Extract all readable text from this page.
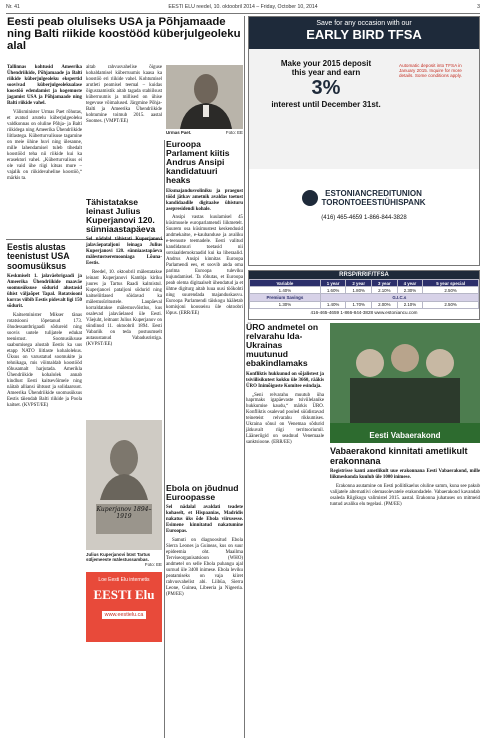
Nr. 41	EESTI ELU reedel, 10. oktoobril 2014 – Friday, October 10, 2014	3
Eesti peab oluliseks USA ja Põhjamaade ning Balti riikide koostööd küberjulgeoleku alal
Tallinnas kohtusid Ameerika Ühendriikide, Põhjamaade ja Balti riikide küberjulgeoleku ekspertid soovivad küberjulgeolekualase koostöö edendamist ja kogemuste jagamist USA ja Põhjamaade ning Balti riikide vahel.
Välisminister Urmas Paet rõhutas, et avatud arutelu küberjulgeoleku valdkonnas on oluline Põhja- ja Balti riikidega ning Ameerika Ühendriikide liitlastega. Küberturvalisuse tagamine on meie ühine huvi ning ülesanne, mille lahendamisel tuleb tihedalt koostööd teha nii riikide kui ka erasektori vahel. „Küberturvalisus ei ole vaid ühe riigi kitsas mure – vajalik on riikidevaheline koostöö,“ märkis ta.
aitab rahvusvahelise õiguse kohaldamisel küberruumis kaasa ka koostöö eri riikide vahel. Kohtumisel arutleti peamisel teemal – kuidas õigusraamistik aitab tagada stabiilsust küberruumis ja millised on ühise tegevuse võimalused. Järgmine Põhja-Balti ja Ameerika Ühendriikide kohtumine toimub 2015. aastal Soomes. (VMPT/EE)
Urmas Paet.	Foto: EE
Euroopa Parlament kiitis Andrus Ansipi kandidatuuri heaks
Eksmajandusvoliniku ja praegust tööd jätkav ametnik avaldas toetust kandidaadile digitaalse ühisturu asepresidendi kohale.
Ansipi vastas kuulamisel 45 küsimusele europarlamendi liikmetelt. Suurem osa küsimustest keskendusid andmekaitse, e-kaubanduse ja avaliku e-teenuste teemadele. Eesti valitud kandidatuuri toetasid nii sotsiaaldemokraadid kui ka liberaalid. Andrus Ansipi kinnitas Euroopa Parlamendi ees, et soovib anda oma parima Euroopa tuleviku kujundamisel. Ta rõhutas, et Euroopa peab olema digitaalselt ühendatud ja et ühtne digiturg aitab luua uusi töökohti ning suurendada majanduskasvu. Euroopa Parlamendi täiskogu hääletab komisjoni koosseisu üle oktoobri lõpus. (ERR/EE)
Eestis alustas teenistust USA soomusüksus
Keskmiselt 1. jalaväebrigaadi ja Ameerika Ühendriikide maaväe soomusüksuse sõdurid alustasid ühist väljaõpet Tapal. Rotatsiooni korras viibib Eestis pidevalt ligi 150 sõdurit.
Kaitseminister Mikser tänas rotatsiooni lõpetanud 173. õhudessantbrigaadi sõdureid ning soovis uutele tulijatele edukat teenistust. Soomusüksuse saabumisega alustab Eestis ka uus etapp NATO liitlaste kohalolekus. Üksus on varustatud soomukite ja tehnikaga, mis võimaldab koostööd tõhusamalt harjutada. Amerikla Ühendriikide kohalolek annab kindlust Eesti kaitsevõimele ning näitab alliansi ühtsust ja solidaarsust. Ameerika Ühendriikide soomusüksus Eestis täiendab Balti riikide ja Poola kaitset. (KVPST/EE)
Tähistatakse leinast Julius Kuperjanovi 120. sünniaastapäeva
Sel nädalal tähistati Kuperjanovi jalaväepataljoni leinaga Julius Kuperjanovi 120. sünniaastapäeva mälestustseremooniaga Lõuna-Eestis.
Reedel, 10. oktoobril mälestatakse leinast Kuperjanovi Kambja kiriku juures ja Tartus Raadi kalmistul. Kuperjanovi pataljoni sõdurid ning kaitseliitlased sõidavad ka mälestusüritustele. Laupäeval korraldatakse mälestusvõistlus, kus osalevad jalaväelased üle Eesti. Väejuht, leitnant Julius Kuperjanov on sündinud 11. oktoobril 1894. Eesti Vabariik on teda postuumselt autasustanud Vabadusristiga. (KVPST/EE)
Kuperjanov 1894–1919
Julius Kuperjanovi büst Tartus süljemeeste mälestussambas.
Foto: EE
Loe Eesti Elu internetis
EESTI Elu
www.eestielu.ca
ÜRO andmetel on relvarahu Ida-Ukrainas muutunud ebakindlamaks
Konfliktis hukkunud on sõjalistest ja tsiviilisikutest kokku üle 3660, rääkis ÜRO Inimõiguste Komitee esindaja.
„Seni relvarahu muutub üha haprmaks igapäevaste tsiviilelanike hukkumise kaudu,“ märkis ÜRO. Konfliktis osalevad pooled süüdistavad teineteist relvarahu rikkumises. Ukraina sõnul on Venemaa sõdurid jätkuvalt riigi territooriumil. Lääneriigid on seadnud Venemaale sanktsioone. (ERR/EE)
Ebola on jõudnud Euroopasse
Sel nädalal avaldati teadete kohaselt, et Hispaanias, Madridis nakatus üks õde Ebola viirusesse. Esimene kinnitatud nakatumine Euroopas.
Samuti on diagnoositud Ebola Sierra Leones ja Guineas, kus on suur epideemia oht. Maailma Terviseorganisatsioon (WHO) andmetel on selle Ebola puhangu ajal surnud üle 3400 inimese. Ebola leviku peatamiseks on vaja kiiret rahvusvahelist abi. Liibüa, Sierra Leone, Guinea, Libeeria ja Nigeeria. (PM/EE)
Save for any occasion with our
EARLY BIRD TFSA
Make your 2015 deposit
this year and earn
3%
interest until December 31st.
Automatic deposit into TFSA in January 2015. Inquire for more details. Some conditions apply.
ESTONIANCREDITUNION
TORONTOEESTIÜHISPANK
(416) 465-4659 1-866-844-3828
RRSP/RRIF/TFSA
Variable	1 year	2 year	3 year	4 year	5 year special
1.40%	1.60%	1.80%	2.10%	2.30%	2.50%
Premium Savings	G.I.C.s				
1.30%	1.40%	1.70%	2.00%	2.10%	2.50%
416-465-4659 1-866-844-3828 www.estoniancu.com
Eesti Vabaerakond
Vabaerakond kinnitati ametlikult erakonnana
Registrisse kanti ametlikult uue erakonnana Eesti Vabaerakond, mille liikmeskonda kuulub üle 1000 inimese.
Erakonna asutamine on Eesti poliitikaelus oluline samm, kuna see pakub valijatele alternatiivi olemasolevatele erakondadele. Vabaerakond kavandab osaleda Riigikogu valimistel 2015. aastal. Erakonna juhatuses on mitmeid tuntud avaliku elu tegelasi. (PM/EE)
